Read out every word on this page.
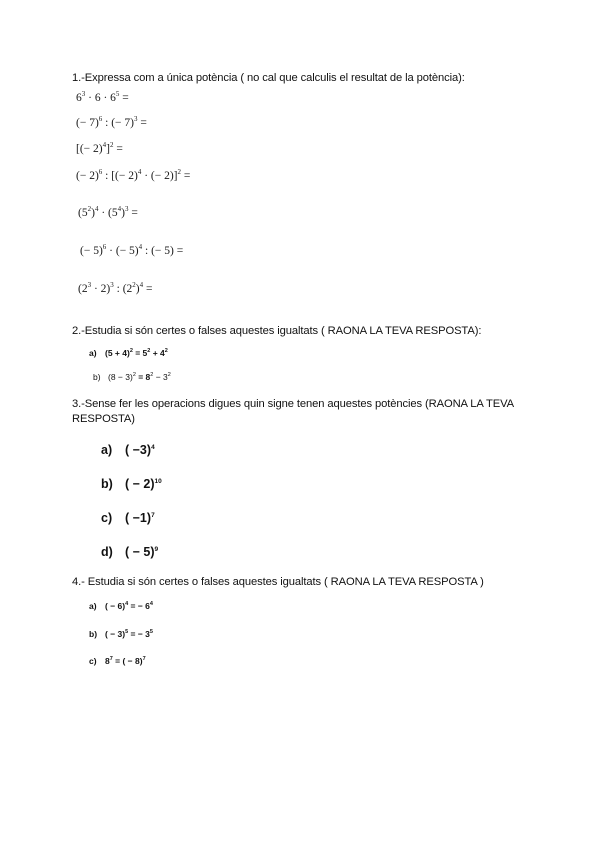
1.-Expressa com a única potència ( no cal que calculis el resultat de la potència):
$6^3 \cdot 6 \cdot 6^5$ =
(− 7)$^6$ : (− 7)$^3$ =
[(− 2)$^4$]$^2$ =
(− 2)$^6$ : [(− 2)$^4$ · (− 2)]$^2$ =
$(5^2)^4 \cdot (5^4)^3$ =
(− 5)$^6$ · (− 5)$^4$ : (− 5) =
$(2^3 \cdot 2)^3$ : $(2^2)^4$ =
2.-Estudia si són certes o falses aquestes igualtats ( RAONA LA TEVA RESPOSTA):
a) $(5 + 4)^2 = 5^2 + 4^2$
b) $(8 - 3)^2 = 8^2 - 3^2$
3.-Sense fer les operacions digues quin signe tenen aquestes potències (RAONA LA TEVA RESPOSTA)
a) ( −3)$^4$
b) ( − 2)$^{10}$
c) ( −1)$^7$
d) ( − 5)$^9$
4.- Estudia si són certes o falses aquestes igualtats ( RAONA LA TEVA RESPOSTA )
a) ( − 6)$^4$ = − $6^4$
b) ( − 3)$^5$ = − $3^5$
c) $8^7$ = ( − 8)$^7$
